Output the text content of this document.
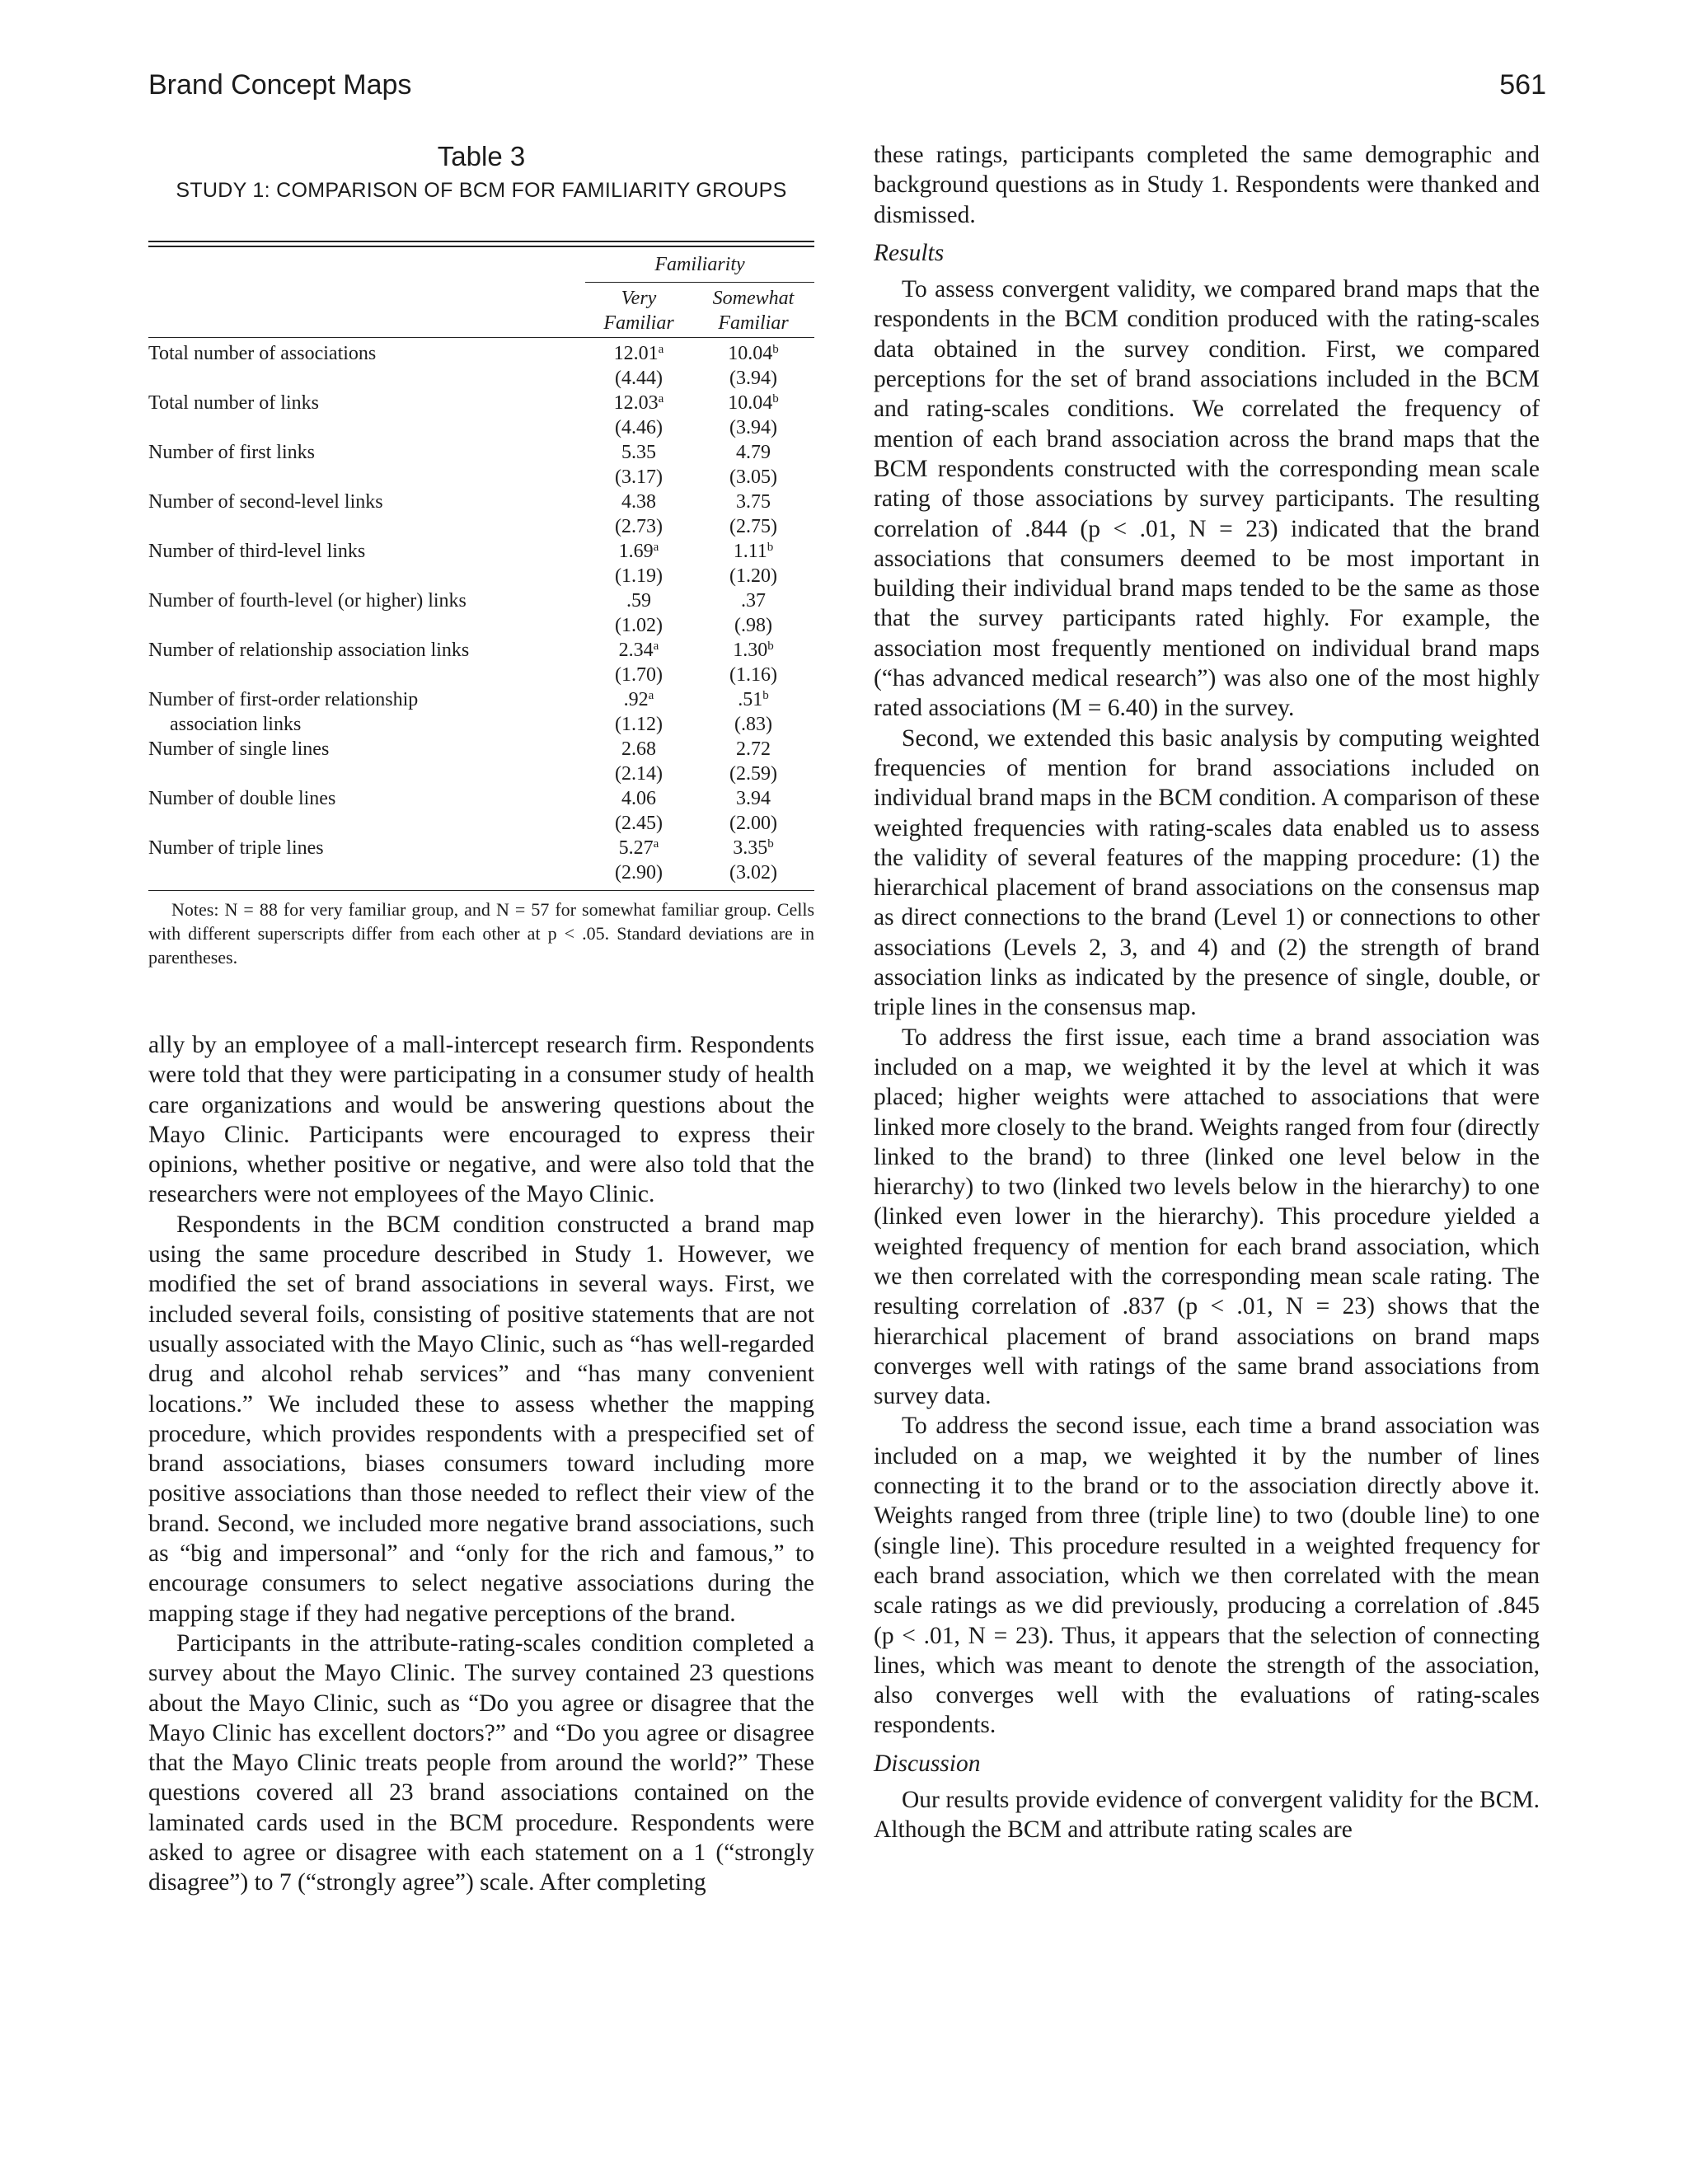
Brand Concept Maps	561
Table 3
STUDY 1: COMPARISON OF BCM FOR FAMILIARITY GROUPS
Familiarity
Very
Familiar
Somewhat
Familiar
Total number of associations	12.01$^a$	10.04$^b$
(4.44)	(3.94)
Total number of links	12.03$^a$	10.04$^b$
(4.46)	(3.94)
Number of first links	5.35	4.79
(3.17)	(3.05)
Number of second-level links	4.38	3.75
(2.73)	(2.75)
Number of third-level links	1.69$^a$	1.11$^b$
(1.19)	(1.20)
Number of fourth-level (or higher) links	.59	.37
(1.02)	(.98)
Number of relationship association links	2.34$^a$	1.30$^b$
(1.70)	(1.16)
Number of first-order relationship	.92$^a$	.51$^b$
association links	(1.12)	(.83)
Number of single lines	2.68	2.72
(2.14)	(2.59)
Number of double lines	4.06	3.94
(2.45)	(2.00)
Number of triple lines	5.27$^a$	3.35$^b$
(2.90)	(3.02)
Notes: N = 88 for very familiar group, and N = 57 for somewhat familiar group. Cells with different superscripts differ from each other at p < .05. Standard deviations are in parentheses.

ally by an employee of a mall-intercept research firm. Respondents were told that they were participating in a consumer study of health care organizations and would be answering questions about the Mayo Clinic. Participants were encouraged to express their opinions, whether positive or negative, and were also told that the researchers were not employees of the Mayo Clinic.

Respondents in the BCM condition constructed a brand map using the same procedure described in Study 1. However, we modified the set of brand associations in several ways. First, we included several foils, consisting of positive statements that are not usually associated with the Mayo Clinic, such as “has well-regarded drug and alcohol rehab services” and “has many convenient locations.” We included these to assess whether the mapping procedure, which provides respondents with a prespecified set of brand associations, biases consumers toward including more positive associations than those needed to reflect their view of the brand. Second, we included more negative brand associations, such as “big and impersonal” and “only for the rich and famous,” to encourage consumers to select negative associations during the mapping stage if they had negative perceptions of the brand.

Participants in the attribute-rating-scales condition completed a survey about the Mayo Clinic. The survey contained 23 questions about the Mayo Clinic, such as “Do you agree or disagree that the Mayo Clinic has excellent doctors?” and “Do you agree or disagree that the Mayo Clinic treats people from around the world?” These questions covered all 23 brand associations contained on the laminated cards used in the BCM procedure. Respondents were asked to agree or disagree with each statement on a 1 (“strongly disagree”) to 7 (“strongly agree”) scale. After completing

these ratings, participants completed the same demographic and background questions as in Study 1. Respondents were thanked and dismissed.

Results

To assess convergent validity, we compared brand maps that the respondents in the BCM condition produced with the rating-scales data obtained in the survey condition. First, we compared perceptions for the set of brand associations included in the BCM and rating-scales conditions. We correlated the frequency of mention of each brand association across the brand maps that the BCM respondents constructed with the corresponding mean scale rating of those associations by survey participants. The resulting correlation of .844 (p < .01, N = 23) indicated that the brand associations that consumers deemed to be most important in building their individual brand maps tended to be the same as those that the survey participants rated highly. For example, the association most frequently mentioned on individual brand maps (“has advanced medical research”) was also one of the most highly rated associations (M = 6.40) in the survey.

Second, we extended this basic analysis by computing weighted frequencies of mention for brand associations included on individual brand maps in the BCM condition. A comparison of these weighted frequencies with rating-scales data enabled us to assess the validity of several features of the mapping procedure: (1) the hierarchical placement of brand associations on the consensus map as direct connections to the brand (Level 1) or connections to other associations (Levels 2, 3, and 4) and (2) the strength of brand association links as indicated by the presence of single, double, or triple lines in the consensus map.

To address the first issue, each time a brand association was included on a map, we weighted it by the level at which it was placed; higher weights were attached to associations that were linked more closely to the brand. Weights ranged from four (directly linked to the brand) to three (linked one level below in the hierarchy) to two (linked two levels below in the hierarchy) to one (linked even lower in the hierarchy). This procedure yielded a weighted frequency of mention for each brand association, which we then correlated with the corresponding mean scale rating. The resulting correlation of .837 (p < .01, N = 23) shows that the hierarchical placement of brand associations on brand maps converges well with ratings of the same brand associations from survey data.

To address the second issue, each time a brand association was included on a map, we weighted it by the number of lines connecting it to the brand or to the association directly above it. Weights ranged from three (triple line) to two (double line) to one (single line). This procedure resulted in a weighted frequency for each brand association, which we then correlated with the mean scale ratings as we did previously, producing a correlation of .845 (p < .01, N = 23). Thus, it appears that the selection of connecting lines, which was meant to denote the strength of the association, also converges well with the evaluations of rating-scales respondents.

Discussion

Our results provide evidence of convergent validity for the BCM. Although the BCM and attribute rating scales are
